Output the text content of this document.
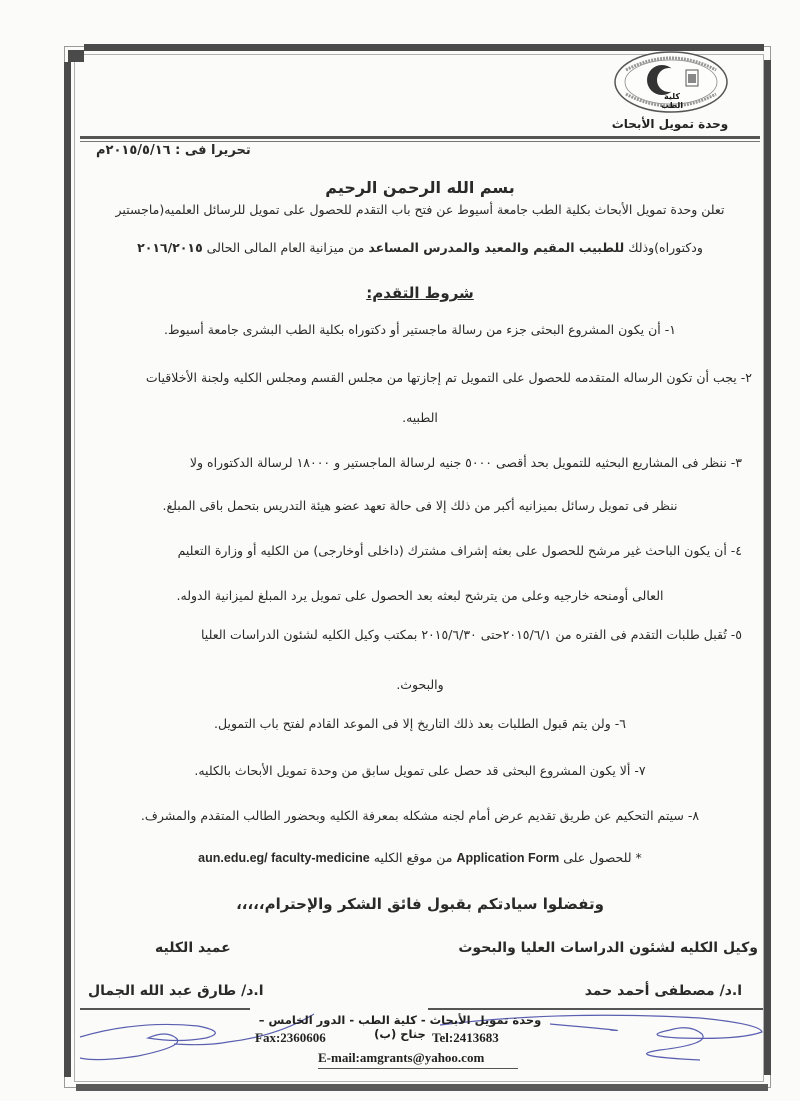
كلية الطب
وحدة تمويل الأبحاث
تحريرا فى : ٢٠١٥/٥/١٦م
بسم الله الرحمن الرحيم
تعلن وحدة تمويل الأبحاث بكلية الطب جامعة أسيوط عن فتح باب التقدم للحصول على تمويل للرسائل العلميه(ماجستير
ودكتوراه)وذلك للطبيب المقيم والمعيد والمدرس المساعد من ميزانية العام المالى الحالى ٢٠١٦/٢٠١٥
شروط التقدم:
١- أن يكون المشروع البحثى جزء من رسالة ماجستير أو دكتوراه بكلية الطب البشرى جامعة أسيوط.
٢- يجب أن تكون الرساله المتقدمه للحصول على التمويل تم إجازتها من مجلس القسم ومجلس الكليه ولجنة الأخلاقيات
الطبيه.
٣- ننظر فى المشاريع البحثيه للتمويل بحد أقصى ٥٠٠٠ جنيه لرسالة الماجستير و ١٨٠٠٠ لرسالة الدكتوراه ولا
ننظر فى تمويل رسائل بميزانيه أكبر من ذلك إلا فى حالة تعهد عضو هيئة التدريس بتحمل باقى المبلغ.
٤- أن يكون الباحث غير مرشح للحصول على بعثه إشراف مشترك (داخلى أوخارجى) من الكليه أو وزارة التعليم
العالى أومنحه خارجيه وعلى من يترشح لبعثه بعد الحصول على تمويل يرد المبلغ لميزانية الدوله.
٥- تُقبل طلبات التقدم فى الفتره من ٢٠١٥/٦/١حتى ٢٠١٥/٦/٣٠ بمكتب وكيل الكليه لشئون الدراسات العليا
والبحوث.
٦- ولن يتم قبول الطلبات بعد ذلك التاريخ إلا فى الموعد القادم لفتح باب التمويل.
٧- ألا يكون المشروع البحثى قد حصل على تمويل سابق من وحدة تمويل الأبحاث بالكليه.
٨- سيتم التحكيم عن طريق تقديم عرض أمام لجنه مشكله بمعرفة الكليه وبحضور الطالب المتقدم والمشرف.
* للحصول على Application Form من موقع الكليه aun.edu.eg/ faculty-medicine
وتفضلوا سيادتكم بقبول فائق الشكر والإحترام،،،،،
وكيل الكليه لشئون الدراسات العليا والبحوث
عميد الكليه
ا.د/ مصطفى أحمد حمد
ا.د/ طارق عبد الله الجمال
وحدة تمويل الأبحاث - كلية الطب - الدور الخامس – جناح (ب)
Fax:2360606	Tel:2413683
E-mail:amgrants@yahoo.com
